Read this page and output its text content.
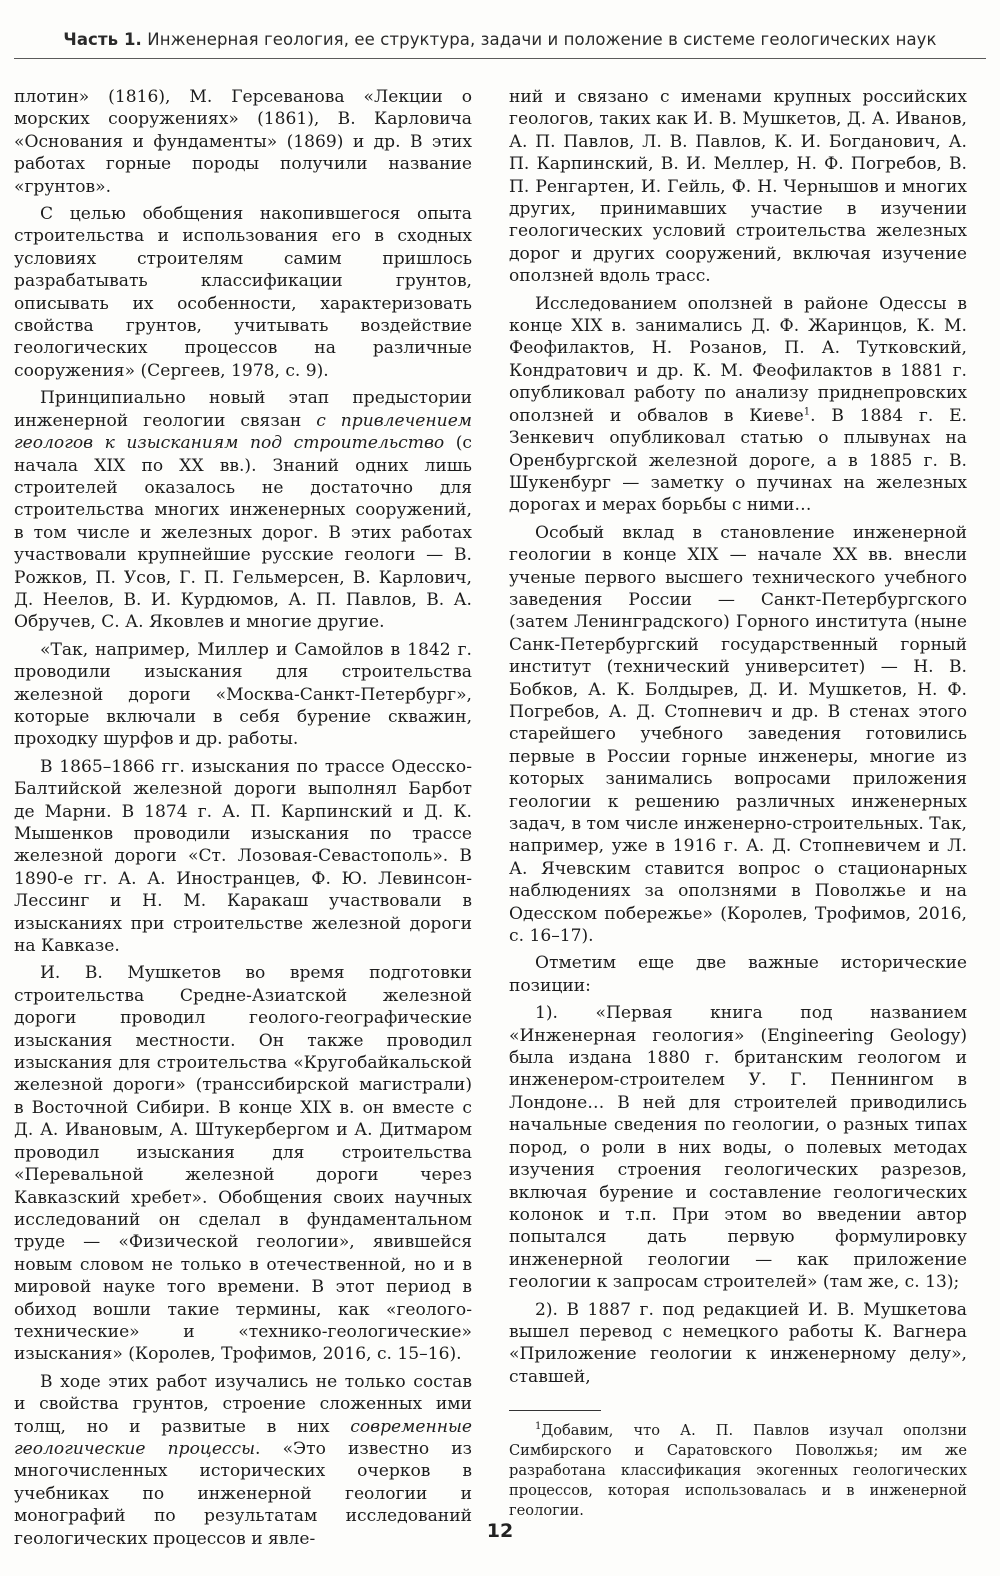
Часть 1. Инженерная геология, ее структура, задачи и положение в системе геологических наук

плотин» (1816), М. Герсеванова «Лекции о морских сооружениях» (1861), В. Карловича «Основания и фундаменты» (1869) и др. В этих работах горные породы получили название «грунтов».

С целью обобщения накопившегося опыта строительства и использования его в сходных условиях строителям самим пришлось разрабатывать классификации грунтов, описывать их особенности, характеризовать свойства грунтов, учитывать воздействие геологических процессов на различные сооружения» (Сергеев, 1978, с. 9).

Принципиально новый этап предыстории инженерной геологии связан с привлечением геологов к изысканиям под строительство (с начала XIX по XX вв.). Знаний одних лишь строителей оказалось не достаточно для строительства многих инженерных сооружений, в том числе и железных дорог. В этих работах участвовали крупнейшие русские геологи — В. Рожков, П. Усов, Г. П. Гельмерсен, В. Карлович, Д. Неелов, В. И. Курдюмов, А. П. Павлов, В. А. Обручев, С. А. Яковлев и многие другие.

«Так, например, Миллер и Самойлов в 1842 г. проводили изыскания для строительства железной дороги «Москва-Санкт-Петербург», которые включали в себя бурение скважин, проходку шурфов и др. работы.

В 1865–1866 гг. изыскания по трассе Одесско-Балтийской железной дороги выполнял Барбот де Марни. В 1874 г. А. П. Карпинский и Д. К. Мышенков проводили изыскания по трассе железной дороги «Ст. Лозовая-Севастополь». В 1890-е гг. А. А. Иностранцев, Ф. Ю. Левинсон-Лессинг и Н. М. Каракаш участвовали в изысканиях при строительстве железной дороги на Кавказе.

И. В. Мушкетов во время подготовки строительства Средне-Азиатской железной дороги проводил геолого-географические изыскания местности. Он также проводил изыскания для строительства «Кругобайкальской железной дороги» (транссибирской магистрали) в Восточной Сибири. В конце XIX в. он вместе с Д. А. Ивановым, А. Штукербергом и А. Дитмаром проводил изыскания для строительства «Перевальной железной дороги через Кавказский хребет». Обобщения своих научных исследований он сделал в фундаментальном труде — «Физической геологии», явившейся новым словом не только в отечественной, но и в мировой науке того времени. В этот период в обиход вошли такие термины, как «геолого-технические» и «технико-геологические» изыскания» (Королев, Трофимов, 2016, с. 15–16).

В ходе этих работ изучались не только состав и свойства грунтов, строение сложенных ими толщ, но и развитые в них современные геологические процессы. «Это известно из многочисленных исторических очерков в учебниках по инженерной геологии и монографий по результатам исследований геологических процессов и явле-

ний и связано с именами крупных российских геологов, таких как И. В. Мушкетов, Д. А. Иванов, А. П. Павлов, Л. В. Павлов, К. И. Богданович, А. П. Карпинский, В. И. Меллер, Н. Ф. Погребов, В. П. Ренгартен, И. Гейль, Ф. Н. Чернышов и многих других, принимавших участие в изучении геологических условий строительства железных дорог и других сооружений, включая изучение оползней вдоль трасс.

Исследованием оползней в районе Одессы в конце XIX в. занимались Д. Ф. Жаринцов, К. М. Феофилактов, Н. Розанов, П. А. Тутковский, Кондратович и др. К. М. Феофилактов в 1881 г. опубликовал работу по анализу приднепровских оползней и обвалов в Киеве$^1$. В 1884 г. Е. Зенкевич опубликовал статью о плывунах на Оренбургской железной дороге, а в 1885 г. В. Шукенбург — заметку о пучинах на железных дорогах и мерах борьбы с ними…

Особый вклад в становление инженерной геологии в конце XIX — начале XX вв. внесли ученые первого высшего технического учебного заведения России — Санкт-Петербургского (затем Ленинградского) Горного института (ныне Санк-Петербургский государственный горный институт (технический университет) — Н. В. Бобков, А. К. Болдырев, Д. И. Мушкетов, Н. Ф. Погребов, А. Д. Стопневич и др. В стенах этого старейшего учебного заведения готовились первые в России горные инженеры, многие из которых занимались вопросами приложения геологии к решению различных инженерных задач, в том числе инженерно-строительных. Так, например, уже в 1916 г. А. Д. Стопневичем и Л. А. Ячевским ставится вопрос о стационарных наблюдениях за оползнями в Поволжье и на Одесском побережье» (Королев, Трофимов, 2016, с. 16–17).

Отметим еще две важные исторические позиции:

1). «Первая книга под названием «Инженерная геология» (Engineering Geology) была издана 1880 г. британским геологом и инженером-строителем У. Г. Пеннингом в Лондоне… В ней для строителей приводились начальные сведения по геологии, о разных типах пород, о роли в них воды, о полевых методах изучения строения геологических разрезов, включая бурение и составление геологических колонок и т.п. При этом во введении автор попытался дать первую формулировку инженерной геологии — как приложение геологии к запросам строителей» (там же, с. 13);

2). В 1887 г. под редакцией И. В. Мушкетова вышел перевод с немецкого работы К. Вагнера «Приложение геологии к инженерному делу», ставшей,

$^1$Добавим, что А. П. Павлов изучал оползни Симбирского и Саратовского Поволжья; им же разработана классификация экогенных геологических процессов, которая использовалась и в инженерной геологии.

12
